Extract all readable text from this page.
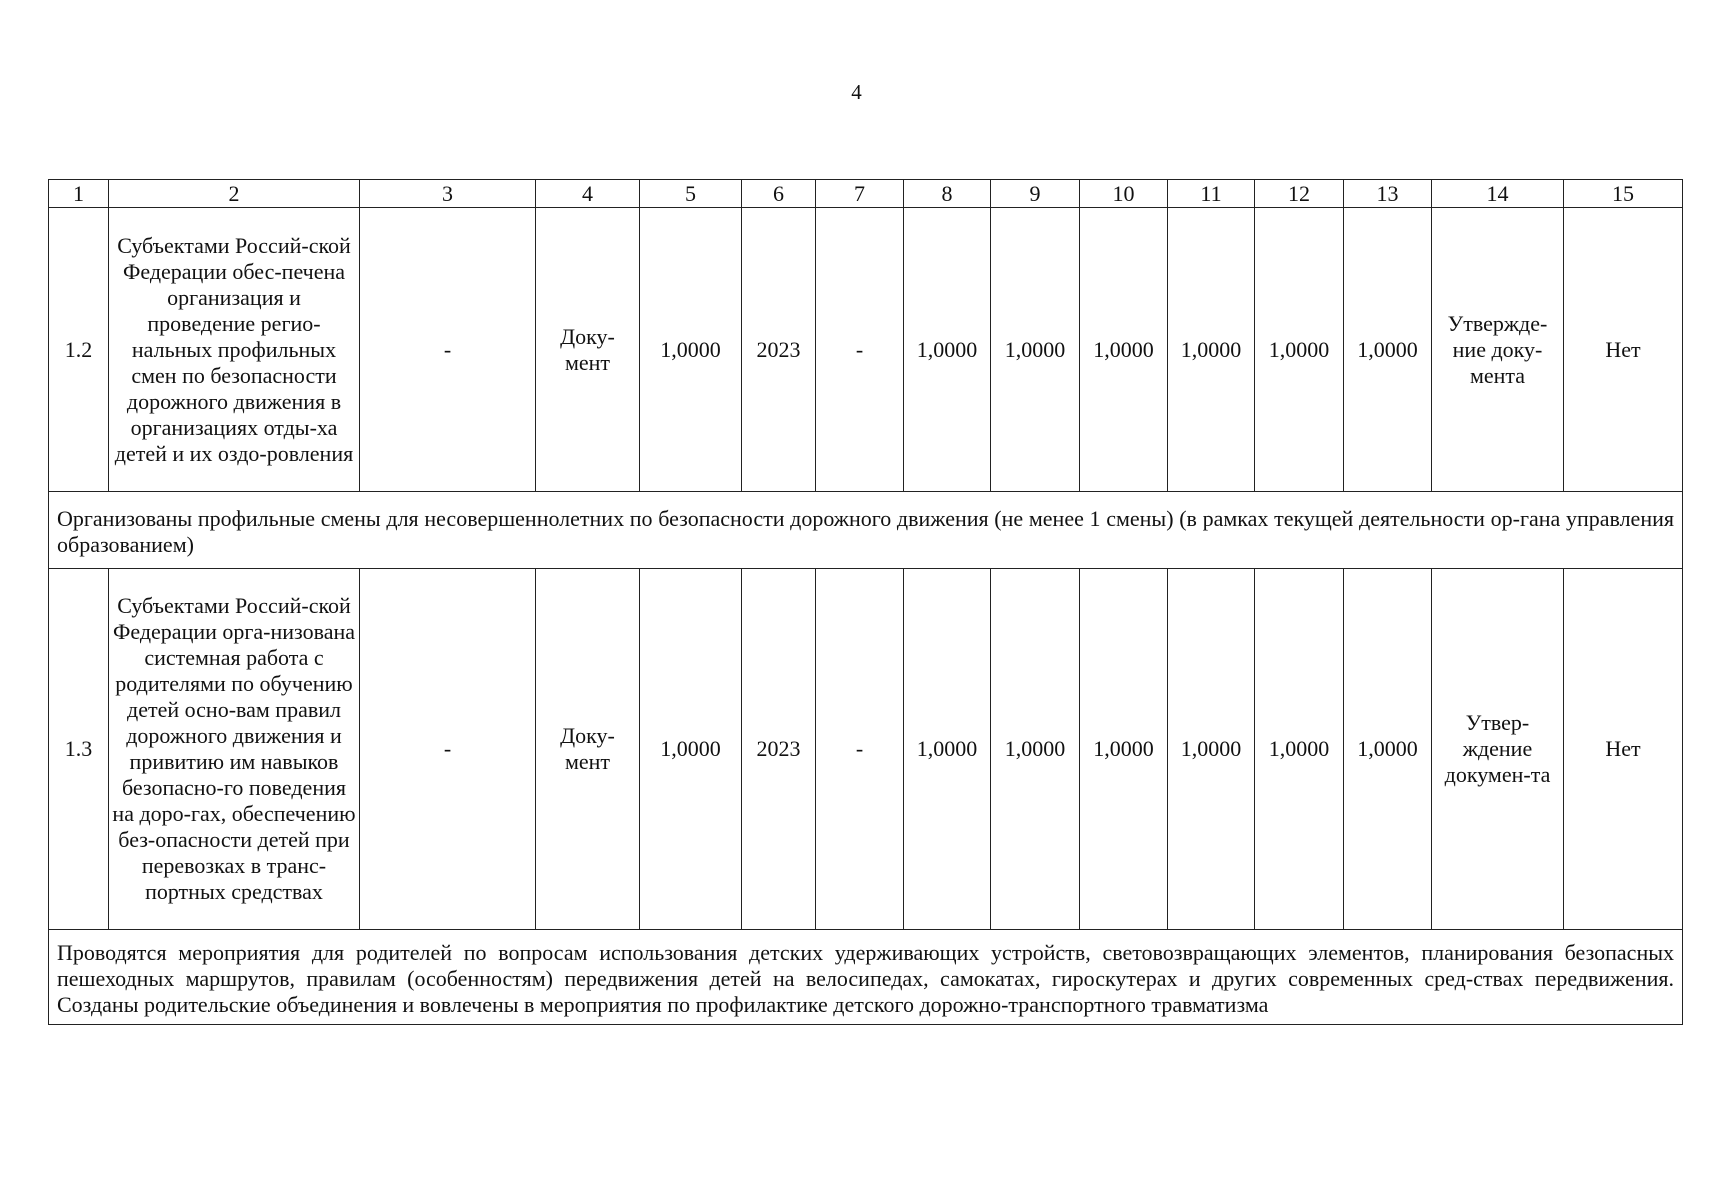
4
1	2	3	4	5	6	7	8	9	10	11	12	13	14	15
1.2	Субъектами Россий-ской Федерации обес-печена организация и проведение регио-нальных профильных смен по безопасности дорожного движения в организациях отды-ха детей и их оздо-ровления	-	Доку-мент	1,0000	2023	-	1,0000	1,0000	1,0000	1,0000	1,0000	1,0000	Утвержде-ние доку-мента	Нет
Организованы профильные смены для несовершеннолетних по безопасности дорожного движения (не менее 1 смены) (в рамках текущей деятельности ор-гана управления образованием)														
1.3	Субъектами Россий-ской Федерации орга-низована системная работа с родителями по обучению детей осно-вам правил дорожного движения и привитию им навыков безопасно-го поведения на доро-гах, обеспечению без-опасности детей при перевозках в транс-портных средствах	-	Доку-мент	1,0000	2023	-	1,0000	1,0000	1,0000	1,0000	1,0000	1,0000	Утвер-ждение докумен-та	Нет
Проводятся мероприятия для родителей по вопросам использования детских удерживающих устройств, световозвращающих элементов, планирования безопасных пешеходных маршрутов, правилам (особенностям) передвижения детей на велосипедах, самокатах, гироскутерах и других современных сред-ствах передвижения. Созданы родительские объединения и вовлечены в мероприятия по профилактике детского дорожно-транспортного травматизма														
